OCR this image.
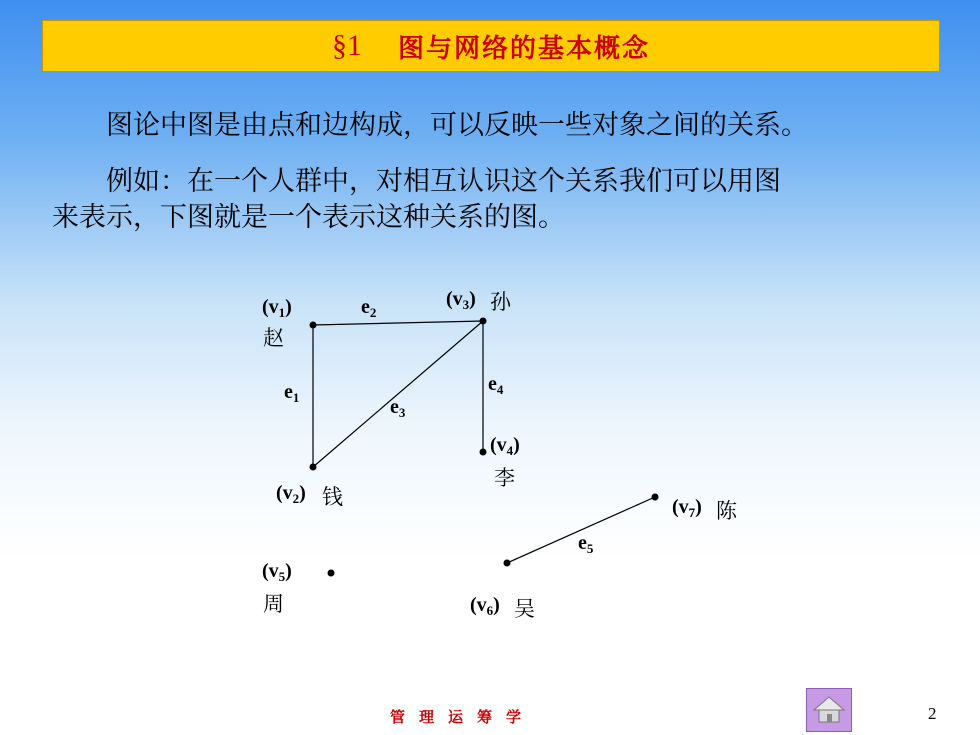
§1 图与网络的基本概念
图论中图是由点和边构成，可以反映一些对象之间的关系。
例如：在一个人群中，对相互认识这个关系我们可以用图
来表示，下图就是一个表示这种关系的图。
$(v_1)$
赵
$(v_2)$ 钱
$(v_3)$ 孙
$(v_4)$
李
$(v_5)$
周	$(v_6)$ 吴
$(v_7)$ 陈
$e_1$
$e_2$
$e_3$
$e_4$
$e_5$
管理运筹学	2
